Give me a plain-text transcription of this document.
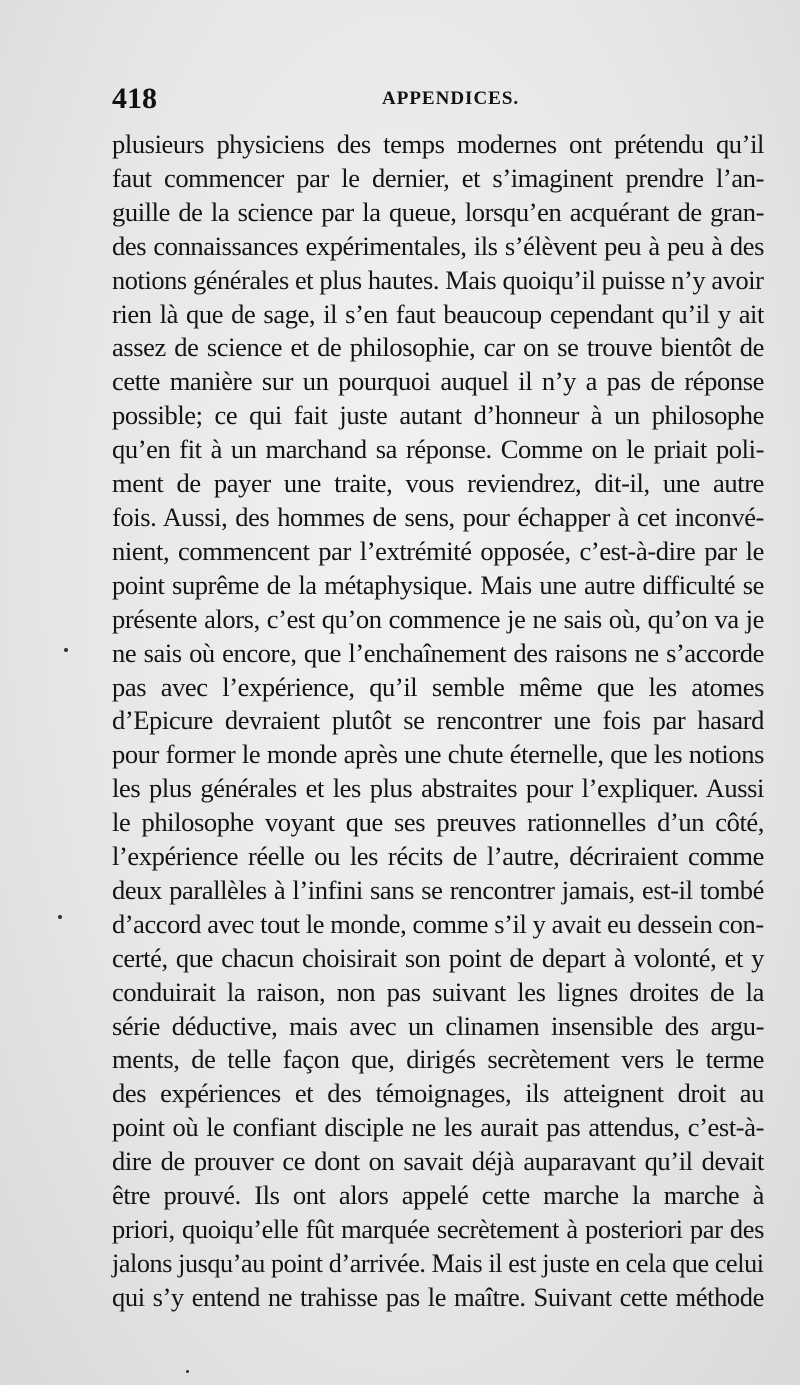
418	APPENDICES.
plusieurs physiciens des temps modernes ont prétendu qu’il
faut commencer par le dernier, et s’imaginent prendre l’an-
guille de la science par la queue, lorsqu’en acquérant de gran-
des connaissances expérimentales, ils s’élèvent peu à peu à des
notions générales et plus hautes. Mais quoiqu’il puisse n’y avoir
rien là que de sage, il s’en faut beaucoup cependant qu’il y ait
assez de science et de philosophie, car on se trouve bientôt de
cette manière sur un pourquoi auquel il n’y a pas de réponse
possible; ce qui fait juste autant d’honneur à un philosophe
qu’en fit à un marchand sa réponse. Comme on le priait poli-
ment de payer une traite, vous reviendrez, dit-il, une autre
fois. Aussi, des hommes de sens, pour échapper à cet inconvé-
nient, commencent par l’extrémité opposée, c’est-à-dire par le
point suprême de la métaphysique. Mais une autre difficulté se
présente alors, c’est qu’on commence je ne sais où, qu’on va je
ne sais où encore, que l’enchaînement des raisons ne s’accorde
pas avec l’expérience, qu’il semble même que les atomes
d’Epicure devraient plutôt se rencontrer une fois par hasard
pour former le monde après une chute éternelle, que les notions
les plus générales et les plus abstraites pour l’expliquer. Aussi
le philosophe voyant que ses preuves rationnelles d’un côté,
l’expérience réelle ou les récits de l’autre, décriraient comme
deux parallèles à l’infini sans se rencontrer jamais, est-il tombé
d’accord avec tout le monde, comme s’il y avait eu dessein con-
certé, que chacun choisirait son point de depart à volonté, et y
conduirait la raison, non pas suivant les lignes droites de la
série déductive, mais avec un clinamen insensible des argu-
ments, de telle façon que, dirigés secrètement vers le terme
des expériences et des témoignages, ils atteignent droit au
point où le confiant disciple ne les aurait pas attendus, c’est-à-
dire de prouver ce dont on savait déjà auparavant qu’il devait
être prouvé. Ils ont alors appelé cette marche la marche à
priori, quoiqu’elle fût marquée secrètement à posteriori par des
jalons jusqu’au point d’arrivée. Mais il est juste en cela que celui
qui s’y entend ne trahisse pas le maître. Suivant cette méthode
